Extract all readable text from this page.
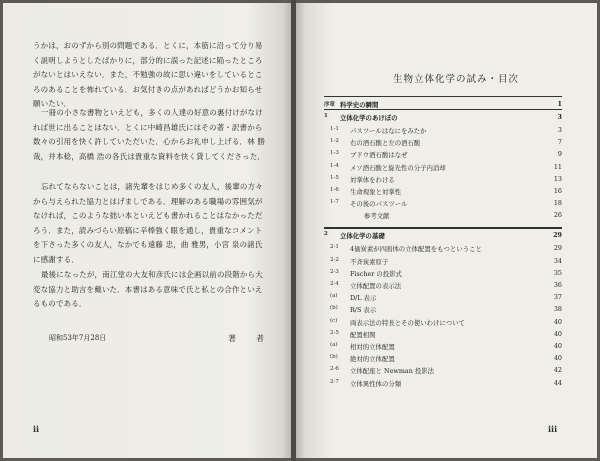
うかは，おのずから別の問題である．とくに，本筋に沿って分り易く説明しようとしたばかりに，部分的に誤った記述に陥ったところがないとはいえない．また，不勉強の故に思い違いをしているところのあることを怖れている．お気付きの点があればどうかお知らせ願いたい．
一冊の小さな書物といえども，多くの人達の好意の裏付けがなければ世に出ることはない．とくに中崎昌雄氏にはその著・訳書から数々の引用を快く許していただいた．心からお礼申し上げる．林 勝哉，井本稔，高橋 浩の各氏は貴重な資料を快く貸してくださった．
忘れてならないことは，諸先輩をはじめ多くの友人，後輩の方々から与えられた協力とはげましである．理解のある職場の雰囲気がなければ，このような拙い本といえども書かれることはなかっただろう．また，読みづらい原稿に辛棒強く眼を通し，貴重なコメントを下さった多くの友人，なかでも遠藤 忠，曲 雅男，小宮 泉の諸氏に感謝する．
最後になったが，南江堂の大友和彦氏には企画以前の段階から大変な協力と助言を戴いた．本書はある意味で氏と私との合作といえるものである．
昭和53年7月28日	著　者
ii
生物立体化学の試み・目次
iii
序章 科学史の瞬間	1
1	立体化学のあけぼの	3
1-1	パスツールはなにをみたか	3
1-2	右の酒石酸と左の酒石酸	7
1-3	ブドウ酒石酸はなぜ	9
1-4	メソ酒石酸と旋光性の分子内消却	11
1-5	対掌体をわける	13
1-6	生命現象と対掌性	16
1-7	その後のパスツール	18
参考文献	26
2	立体化学の基礎	29
2-1	4価炭素が四面体の立体配置をもつということ	29
2-2	不斉炭素原子	34
2-3	Fischer の投影式	35
2-4	立体配置の表示法	36
(a)	D/L 表示	37
(b)	R/S 表示	38
(c)	両表示法の特長とその使いわけについて	40
2-5	配置相関	40
(a)	相対的立体配置	40
(b)	絶対的立体配置	40
2-6	立体配座と Newman 投影法	42
2-7	立体異性体の分類	44
